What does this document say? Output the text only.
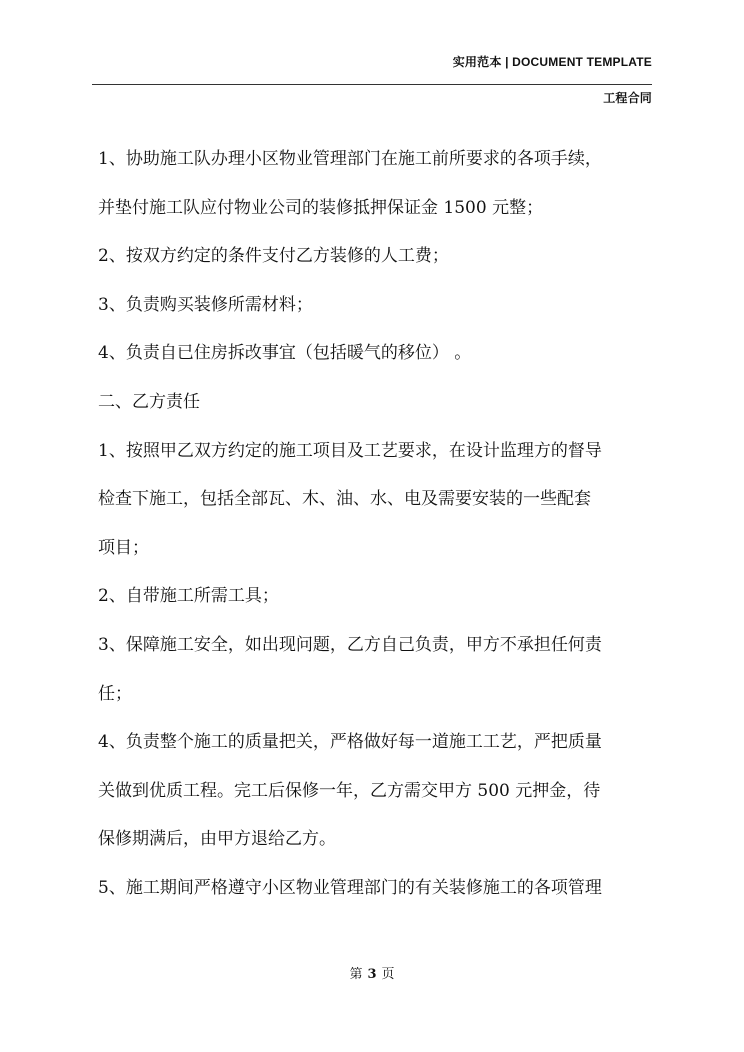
实用范本 | DOCUMENT TEMPLATE
工程合同
1、协助施工队办理小区物业管理部门在施工前所要求的各项手续，
并垫付施工队应付物业公司的装修抵押保证金 1500 元整；
2、按双方约定的条件支付乙方装修的人工费；
3、负责购买装修所需材料；
4、负责自已住房拆改事宜（包括暖气的移位） 。
二、乙方责任
1、按照甲乙双方约定的施工项目及工艺要求，在设计监理方的督导
检查下施工，包括全部瓦、木、油、水、电及需要安装的一些配套
项目；
2、自带施工所需工具；
3、保障施工安全，如出现问题，乙方自己负责，甲方不承担任何责
任；
4、负责整个施工的质量把关，严格做好每一道施工工艺，严把质量
关做到优质工程。完工后保修一年，乙方需交甲方 500 元押金，待
保修期满后，由甲方退给乙方。
5、施工期间严格遵守小区物业管理部门的有关装修施工的各项管理
第 3 页
